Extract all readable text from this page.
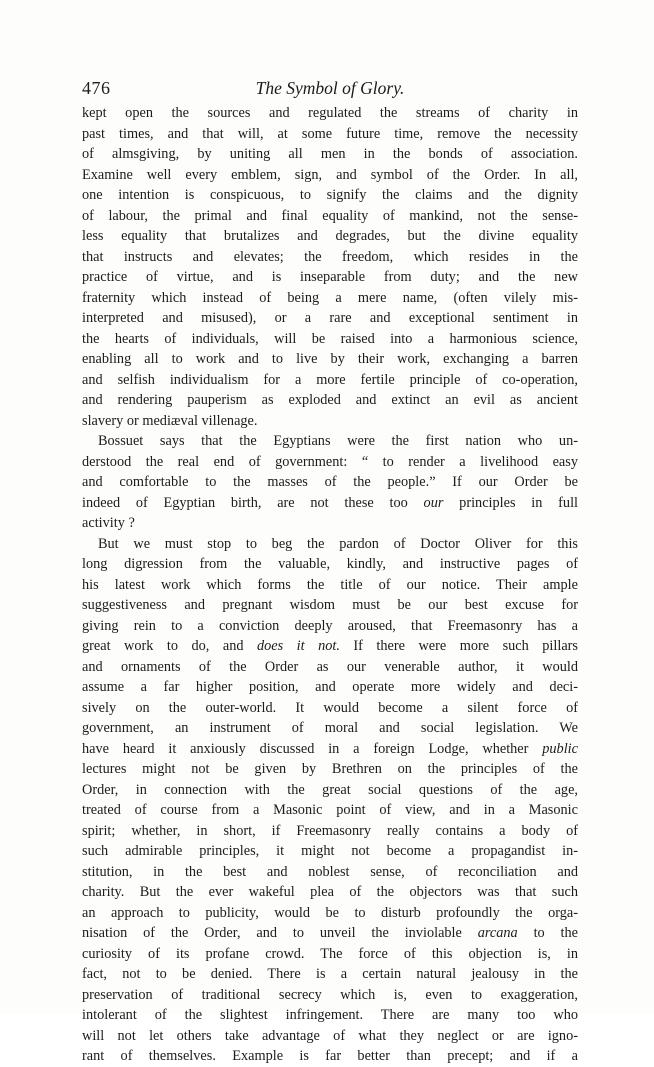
476	The Symbol of Glory.
kept open the sources and regulated the streams of charity in
past times, and that will, at some future time, remove the necessity
of almsgiving, by uniting all men in the bonds of association.
Examine well every emblem, sign, and symbol of the Order. In all,
one intention is conspicuous, to signify the claims and the dignity
of labour, the primal and final equality of mankind, not the sense-
less equality that brutalizes and degrades, but the divine equality
that instructs and elevates; the freedom, which resides in the
practice of virtue, and is inseparable from duty; and the new
fraternity which instead of being a mere name, (often vilely mis-
interpreted and misused), or a rare and exceptional sentiment in
the hearts of individuals, will be raised into a harmonious science,
enabling all to work and to live by their work, exchanging a barren
and selfish individualism for a more fertile principle of co-operation,
and rendering pauperism as exploded and extinct an evil as ancient
slavery or mediæval villenage.
Bossuet says that the Egyptians were the first nation who un-
derstood the real end of government: “ to render a livelihood easy
and comfortable to the masses of the people.” If our Order be
indeed of Egyptian birth, are not these too our principles in full
activity ?
But we must stop to beg the pardon of Doctor Oliver for this
long digression from the valuable, kindly, and instructive pages of
his latest work which forms the title of our notice. Their ample
suggestiveness and pregnant wisdom must be our best excuse for
giving rein to a conviction deeply aroused, that Freemasonry has a
great work to do, and does it not. If there were more such pillars
and ornaments of the Order as our venerable author, it would
assume a far higher position, and operate more widely and deci-
sively on the outer-world. It would become a silent force of
government, an instrument of moral and social legislation. We
have heard it anxiously discussed in a foreign Lodge, whether public
lectures might not be given by Brethren on the principles of the
Order, in connection with the great social questions of the age,
treated of course from a Masonic point of view, and in a Masonic
spirit; whether, in short, if Freemasonry really contains a body of
such admirable principles, it might not become a propagandist in-
stitution, in the best and noblest sense, of reconciliation and
charity. But the ever wakeful plea of the objectors was that such
an approach to publicity, would be to disturb profoundly the orga-
nisation of the Order, and to unveil the inviolable arcana to the
curiosity of its profane crowd. The force of this objection is, in
fact, not to be denied. There is a certain natural jealousy in the
preservation of traditional secrecy which is, even to exaggeration,
intolerant of the slightest infringement. There are many too who
will not let others take advantage of what they neglect or are igno-
rant of themselves. Example is far better than precept; and if a
